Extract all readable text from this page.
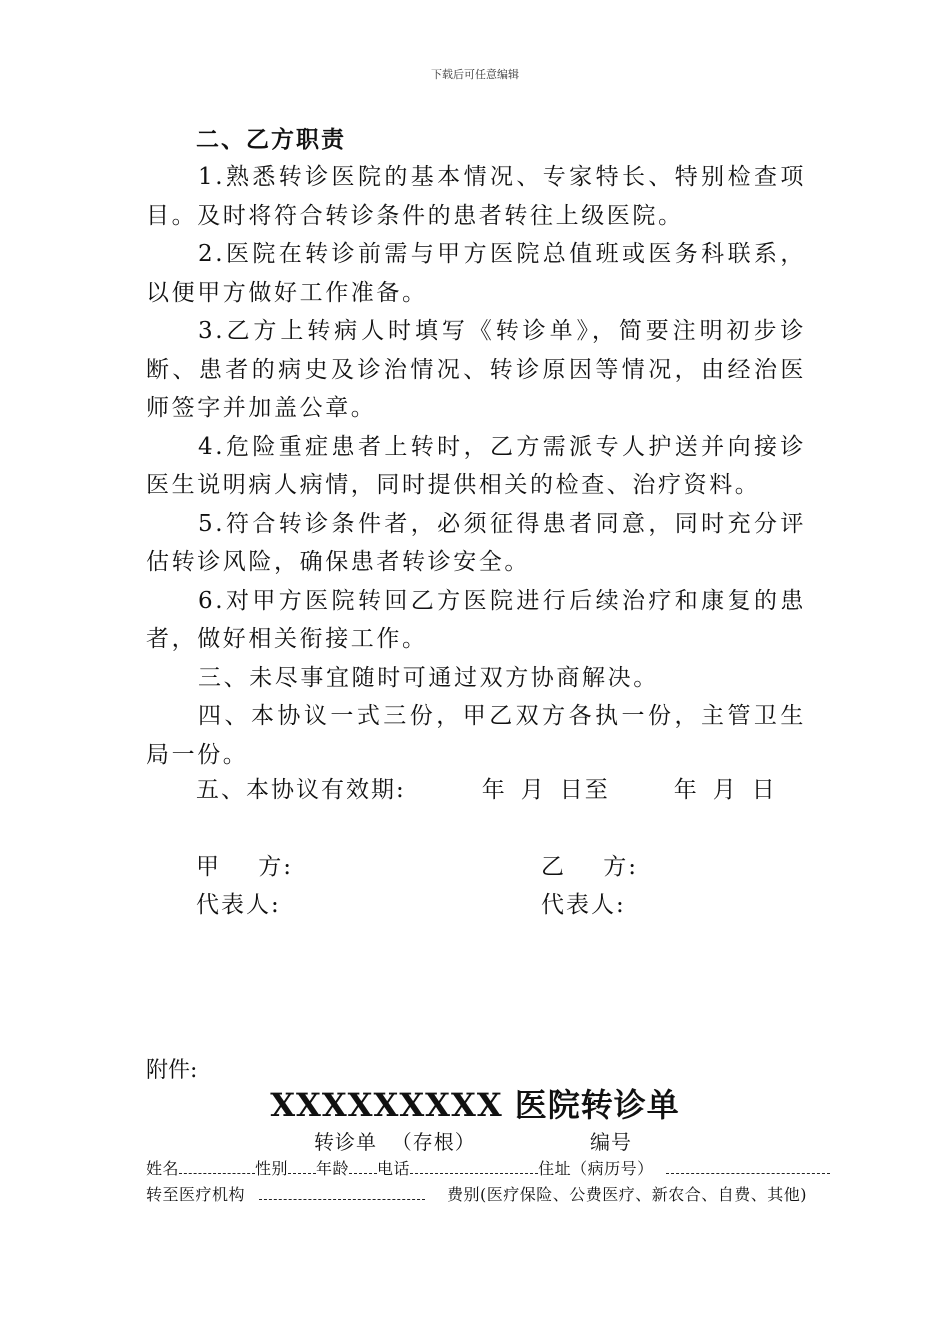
下载后可任意编辑
二、乙方职责

1.熟悉转诊医院的基本情况、专家特长、特别检查项目。及时将符合转诊条件的患者转往上级医院。

2.医院在转诊前需与甲方医院总值班或医务科联系，以便甲方做好工作准备。

3.乙方上转病人时填写《转诊单》，简要注明初步诊断、患者的病史及诊治情况、转诊原因等情况，由经治医师签字并加盖公章。

4.危险重症患者上转时，乙方需派专人护送并向接诊医生说明病人病情，同时提供相关的检查、治疗资料。

5.符合转诊条件者，必须征得患者同意，同时充分评估转诊风险，确保患者转诊安全。

6.对甲方医院转回乙方医院进行后续治疗和康复的患者，做好相关衔接工作。

三、未尽事宜随时可通过双方协商解决。

四、本协议一式三份，甲乙双方各执一份，主管卫生局一份。

五、本协议有效期:	年 月 日至	年 月 日
甲    方:	乙    方:
代表人:	代表人:
附件:
XXXXXXXXX 医院转诊单
转诊单  （存根）	编号
姓名	性别 年龄 电话	住址（病历号）
转至医疗机构	费别(医疗保险、公费医疗、新农合、自费、其他)
